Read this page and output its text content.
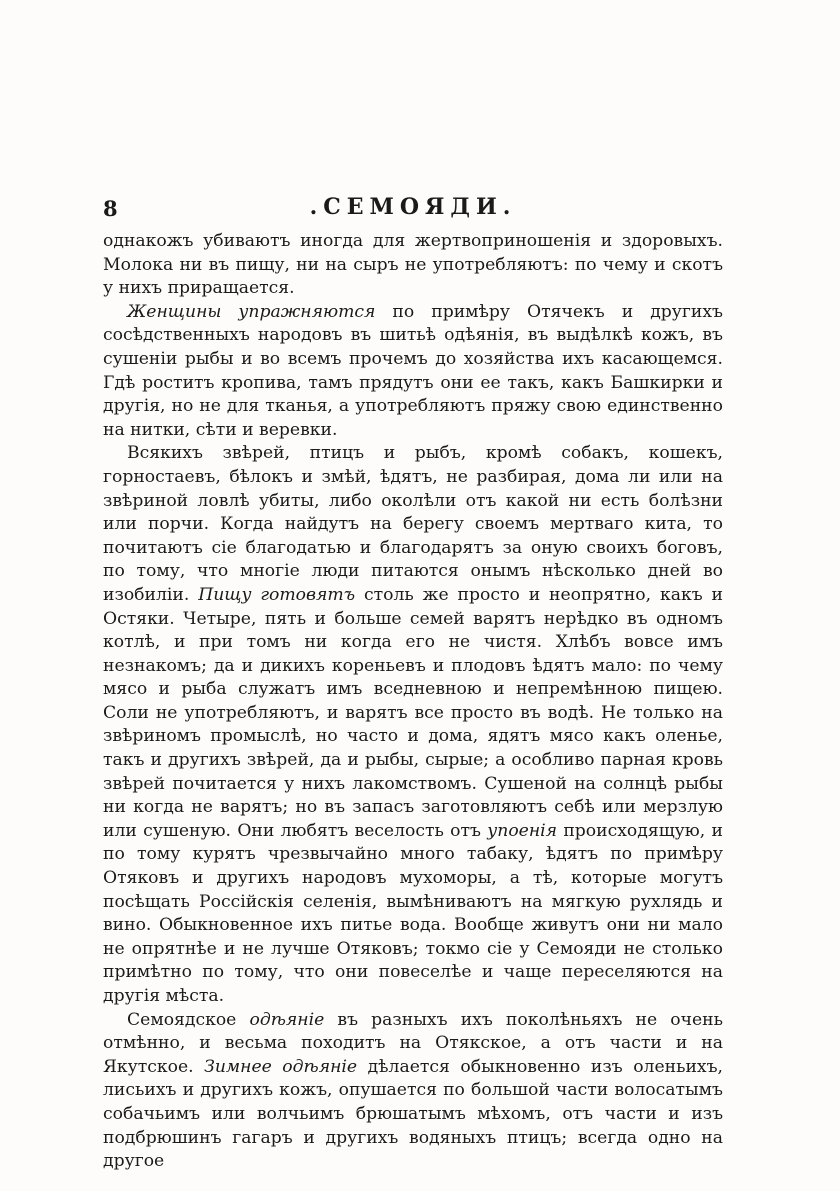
8	.СЕМОЯДИ.

однакожъ убиваютъ иногда для жертвоприношенія и здоровыхъ. Молока ни въ пищу, ни на сыръ не употребляютъ: по чему и скотъ у нихъ приращается.

Женщины упражняются по примѣру Отячекъ и другихъ сосѣдственныхъ народовъ въ шитьѣ одѣянія, въ выдѣлкѣ кожъ, въ сушеніи рыбы и во всемъ прочемъ до хозяйства ихъ касающемся. Гдѣ роститъ кропива, тамъ прядутъ они ее такъ, какъ Башкирки и другія, но не для тканья, а употребляютъ пряжу свою единственно на нитки, сѣти и веревки.

Всякихъ звѣрей, птицъ и рыбъ, кромѣ собакъ, кошекъ, горностаевъ, бѣлокъ и змѣй, ѣдятъ, не разбирая, дома ли или на звѣриной ловлѣ убиты, либо околѣли отъ какой ни есть болѣзни или порчи. Когда найдутъ на берегу своемъ мертваго кита, то почитаютъ сіе благодатью и благодарятъ за оную своихъ боговъ, по тому, что многіе люди питаются онымъ нѣсколько дней во изобиліи. Пищу готовятъ столь же просто и неопрятно, какъ и Остяки. Четыре, пять и больше семей варятъ нерѣдко въ одномъ котлѣ, и при томъ ни когда его не чистя. Хлѣбъ вовсе имъ незнакомъ; да и дикихъ кореньевъ и плодовъ ѣдятъ мало: по чему мясо и рыба служатъ имъ вседневною и непремѣнною пищею. Соли не употребляютъ, и варятъ все просто въ водѣ. Не только на звѣриномъ промыслѣ, но часто и дома, ядятъ мясо какъ оленье, такъ и другихъ звѣрей, да и рыбы, сырые; а особливо парная кровь звѣрей почитается у нихъ лакомствомъ. Сушеной на солнцѣ рыбы ни когда не варятъ; но въ запасъ заготовляютъ себѣ или мерзлую или сушеную. Они любятъ веселость отъ упоенія происходящую, и по тому курятъ чрезвычайно много табаку, ѣдятъ по примѣру Отяковъ и другихъ народовъ мухоморы, а тѣ, которые могутъ посѣщать Россійскія селенія, вымѣниваютъ на мягкую рухлядь и вино. Обыкновенное ихъ питье вода. Вообще живутъ они ни мало не опрятнѣе и не лучше Отяковъ; токмо сіе у Семояди не столько примѣтно по тому, что они повеселѣе и чаще переселяются на другія мѣста.

Семоядское одѣяніе въ разныхъ ихъ поколѣньяхъ не очень отмѣнно, и весьма походитъ на Отякское, а отъ части и на Якутское. Зимнее одѣяніе дѣлается обыкновенно изъ оленьихъ, лисьихъ и другихъ кожъ, опушается по большой части волосатымъ собачьимъ или волчьимъ брюшатымъ мѣхомъ, отъ части и изъ подбрюшинъ гагаръ и другихъ водяныхъ птицъ; всегда одно на другое
